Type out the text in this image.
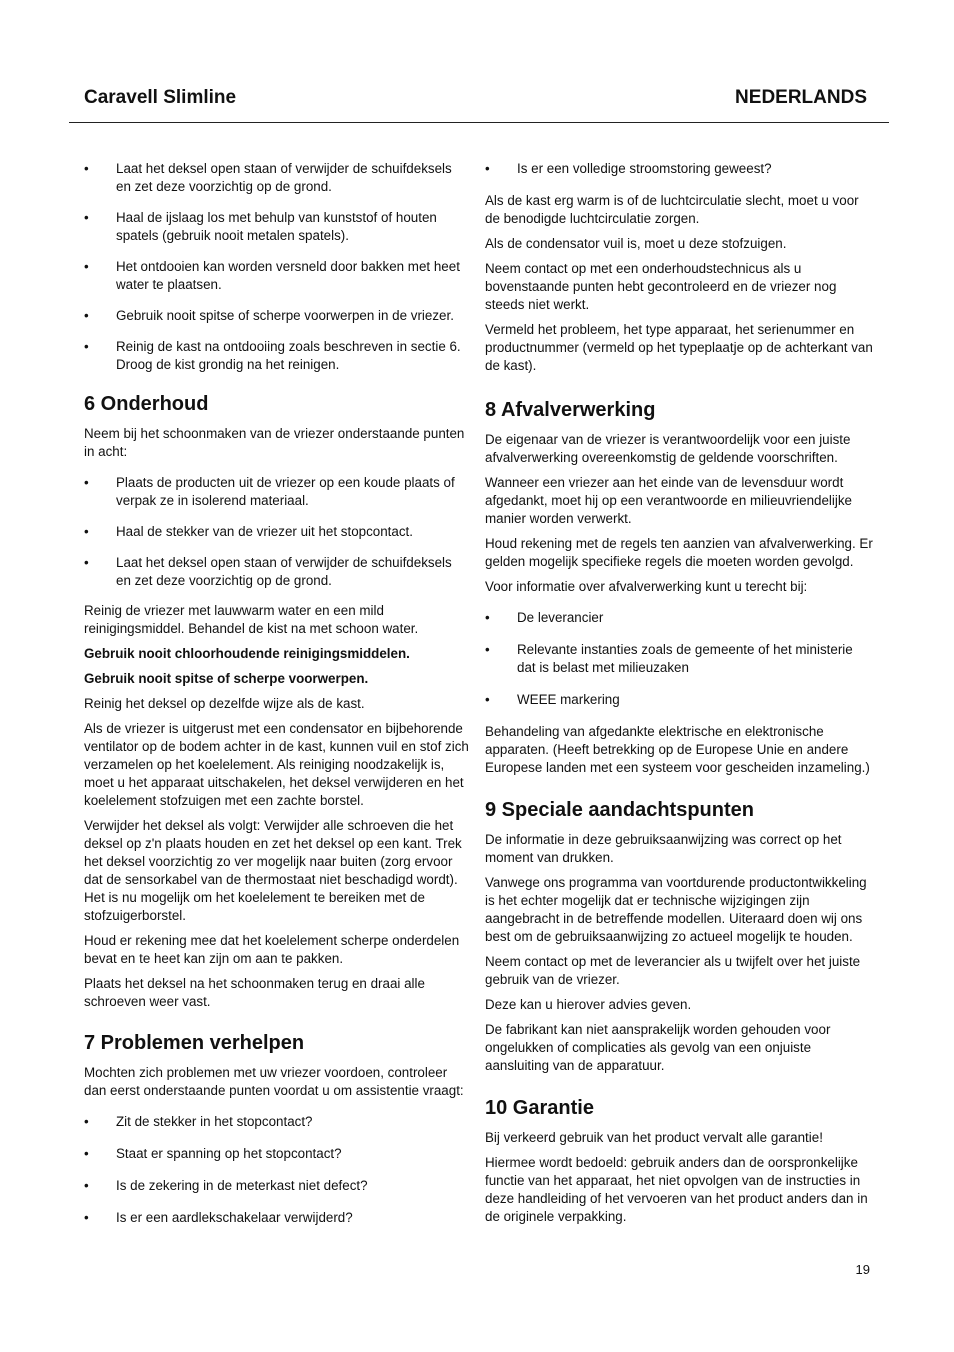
Caravell Slimline	NEDERLANDS
•	Laat het deksel open staan of verwijder de schuifdeksels en zet deze voorzichtig op de grond.
•	Haal de ijslaag los met behulp van kunststof of houten spatels (gebruik nooit metalen spatels).
•	Het ontdooien kan worden versneld door bakken met heet water te plaatsen.
•	Gebruik nooit spitse of scherpe voorwerpen in de vriezer.
•	Reinig de kast na ontdooiing zoals beschreven in sectie 6. Droog de kist grondig na het reinigen.
6 Onderhoud

Neem bij het schoonmaken van de vriezer onderstaande punten in acht:

•	Plaats de producten uit de vriezer op een koude plaats of verpak ze in isolerend materiaal.
•	Haal de stekker van de vriezer uit het stopcontact.
•	Laat het deksel open staan of verwijder de schuifdeksels en zet deze voorzichtig op de grond.

Reinig de vriezer met lauwwarm water en een mild reinigingsmiddel. Behandel de kist na met schoon water.

Gebruik nooit chloorhoudende reinigingsmiddelen.

Gebruik nooit spitse of scherpe voorwerpen.

Reinig het deksel op dezelfde wijze als de kast.

Als de vriezer is uitgerust met een condensator en bijbehorende ventilator op de bodem achter in de kast, kunnen vuil en stof zich verzamelen op het koelelement. Als reiniging noodzakelijk is, moet u het apparaat uitschakelen, het deksel verwijderen en het koelelement stofzuigen met een zachte borstel.

Verwijder het deksel als volgt: Verwijder alle schroeven die het deksel op z'n plaats houden en zet het deksel op een kant. Trek het deksel voorzichtig zo ver mogelijk naar buiten (zorg ervoor dat de sensorkabel van de thermostaat niet beschadigd wordt). Het is nu mogelijk om het koelelement te bereiken met de stofzuigerborstel.

Houd er rekening mee dat het koelelement scherpe onderdelen bevat en te heet kan zijn om aan te pakken.

Plaats het deksel na het schoonmaken terug en draai alle schroeven weer vast.

7 Problemen verhelpen

Mochten zich problemen met uw vriezer voordoen, controleer dan eerst onderstaande punten voordat u om assistentie vraagt:

•	Zit de stekker in het stopcontact?
•	Staat er spanning op het stopcontact?
•	Is de zekering in de meterkast niet defect?
•	Is er een aardlekschakelaar verwijderd?
•	Is er een volledige stroomstoring geweest?

Als de kast erg warm is of de luchtcirculatie slecht, moet u voor de benodigde luchtcirculatie zorgen.

Als de condensator vuil is, moet u deze stofzuigen.

Neem contact op met een onderhoudstechnicus als u bovenstaande punten hebt gecontroleerd en de vriezer nog steeds niet werkt.

Vermeld het probleem, het type apparaat, het serienummer en productnummer (vermeld op het typeplaatje op de achterkant van de kast).

8 Afvalverwerking

De eigenaar van de vriezer is verantwoordelijk voor een juiste afvalverwerking overeenkomstig de geldende voorschriften.

Wanneer een vriezer aan het einde van de levensduur wordt afgedankt, moet hij op een verantwoorde en milieuvriendelijke manier worden verwerkt.

Houd rekening met de regels ten aanzien van afvalverwerking. Er gelden mogelijk specifieke regels die moeten worden gevolgd.

Voor informatie over afvalverwerking kunt u terecht bij:

•	De leverancier
•	Relevante instanties zoals de gemeente of het ministerie dat is belast met milieuzaken
•	WEEE markering

Behandeling van afgedankte elektrische en elektronische apparaten. (Heeft betrekking op de Europese Unie en andere Europese landen met een systeem voor gescheiden inzameling.)

9 Speciale aandachtspunten

De informatie in deze gebruiksaanwijzing was correct op het moment van drukken.

Vanwege ons programma van voortdurende productontwikkeling is het echter mogelijk dat er technische wijzigingen zijn aangebracht in de betreffende modellen. Uiteraard doen wij ons best om de gebruiksaanwijzing zo actueel mogelijk te houden.

Neem contact op met de leverancier als u twijfelt over het juiste gebruik van de vriezer.

Deze kan u hierover advies geven.

De fabrikant kan niet aansprakelijk worden gehouden voor ongelukken of complicaties als gevolg van een onjuiste aansluiting van de apparatuur.

10 Garantie

Bij verkeerd gebruik van het product vervalt alle garantie!

Hiermee wordt bedoeld: gebruik anders dan de oorspronkelijke functie van het apparaat, het niet opvolgen van de instructies in deze handleiding of het vervoeren van het product anders dan in de originele verpakking.

19
